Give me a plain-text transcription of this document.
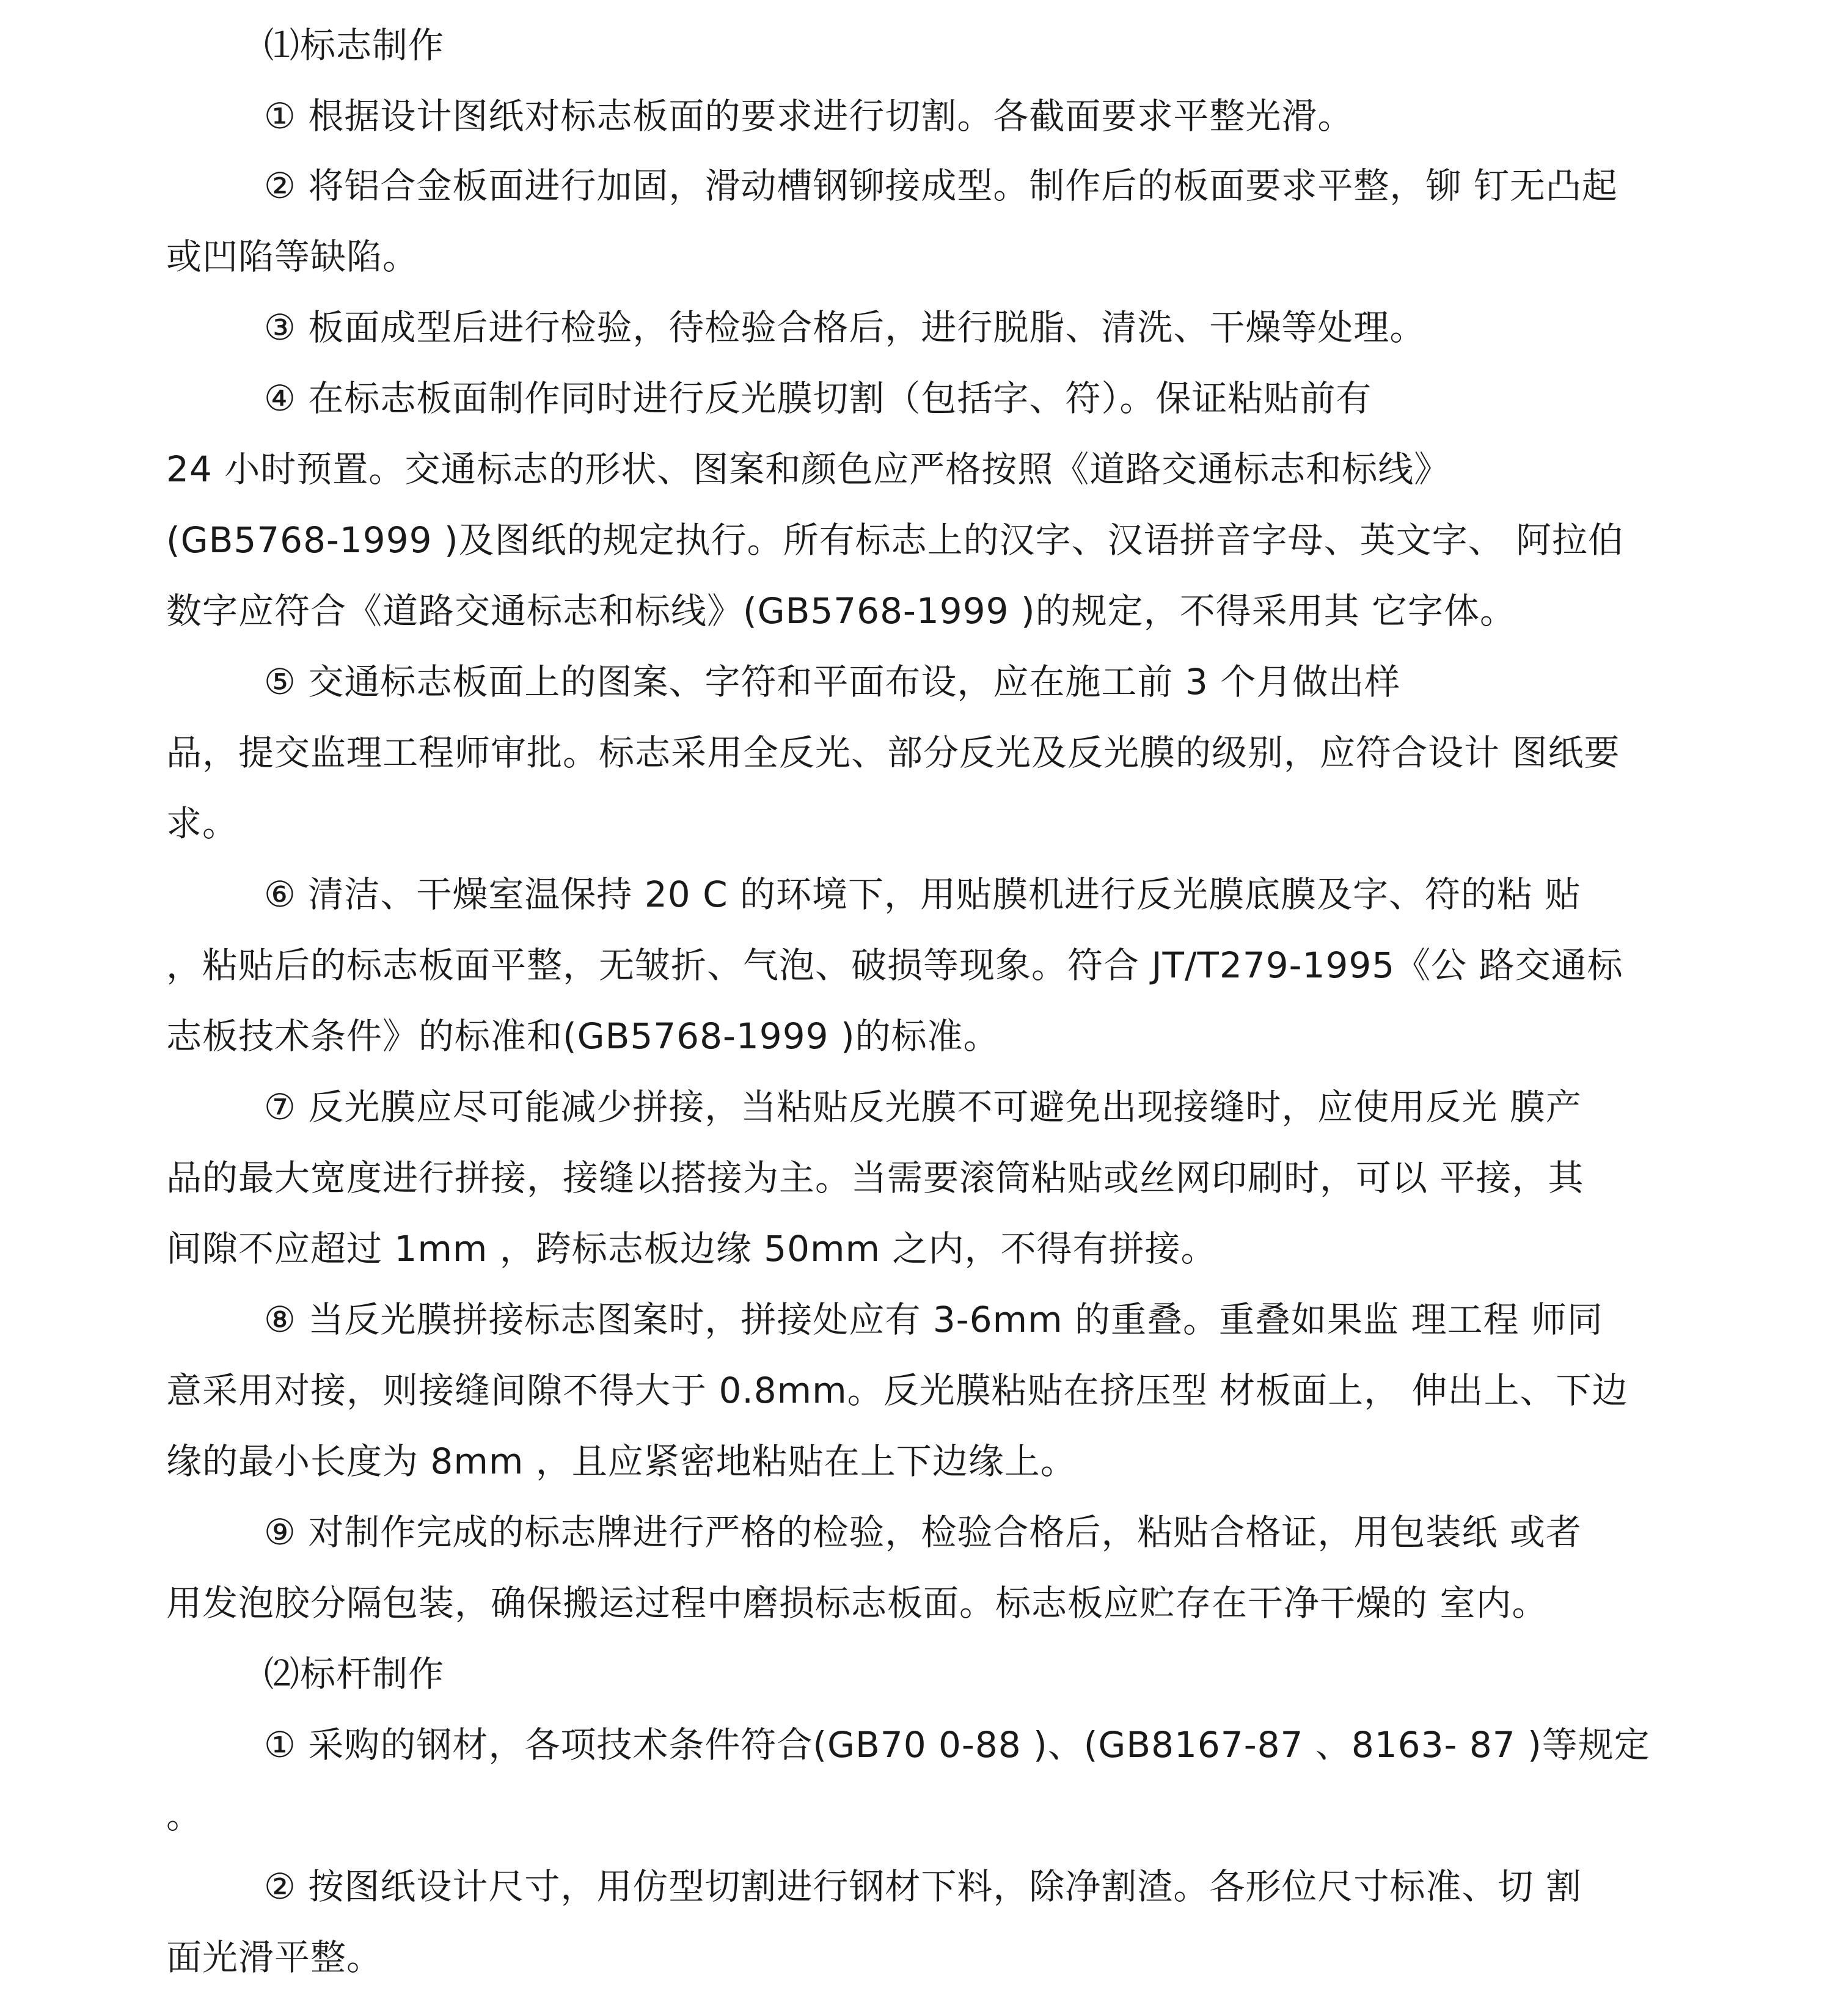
⑴标志制作
① 根据设计图纸对标志板面的要求进行切割。各截面要求平整光滑。
② 将铝合金板面进行加固，滑动槽钢铆接成型。制作后的板面要求平整，铆 钉无凸起
或凹陷等缺陷。
③ 板面成型后进行检验，待检验合格后，进行脱脂、清洗、干燥等处理。
④ 在标志板面制作同时进行反光膜切割（包括字、符）。保证粘贴前有
24 小时预置。交通标志的形状、图案和颜色应严格按照《道路交通标志和标线》
(GB5768-1999 )及图纸的规定执行。所有标志上的汉字、汉语拼音字母、英文字、 阿拉伯
数字应符合《道路交通标志和标线》(GB5768-1999 )的规定，不得采用其 它字体。
⑤ 交通标志板面上的图案、字符和平面布设，应在施工前 3 个月做出样
品，提交监理工程师审批。标志采用全反光、部分反光及反光膜的级别，应符合设计 图纸要
求。
⑥ 清洁、干燥室温保持 20 C 的环境下，用贴膜机进行反光膜底膜及字、符的粘 贴
，粘贴后的标志板面平整，无皱折、气泡、破损等现象。符合 JT/T279-1995《公 路交通标
志板技术条件》的标准和(GB5768-1999 )的标准。
⑦ 反光膜应尽可能减少拼接，当粘贴反光膜不可避免出现接缝时，应使用反光 膜产
品的最大宽度进行拼接，接缝以搭接为主。当需要滚筒粘贴或丝网印刷时，可以 平接，其
间隙不应超过 1mm ，跨标志板边缘 50mm 之内，不得有拼接。
⑧ 当反光膜拼接标志图案时，拼接处应有 3-6mm 的重叠。重叠如果监 理工程 师同
意采用对接，则接缝间隙不得大于 0.8mm。反光膜粘贴在挤压型 材板面上， 伸出上、下边
缘的最小长度为 8mm ，且应紧密地粘贴在上下边缘上。
⑨ 对制作完成的标志牌进行严格的检验，检验合格后，粘贴合格证，用包装纸 或者
用发泡胶分隔包装，确保搬运过程中磨损标志板面。标志板应贮存在干净干燥的 室内。
⑵标杆制作
① 采购的钢材，各项技术条件符合(GB70 0-88 )、(GB8167-87 、8163- 87 )等规定
。
② 按图纸设计尺寸，用仿型切割进行钢材下料，除净割渣。各形位尺寸标准、切 割
面光滑平整。
